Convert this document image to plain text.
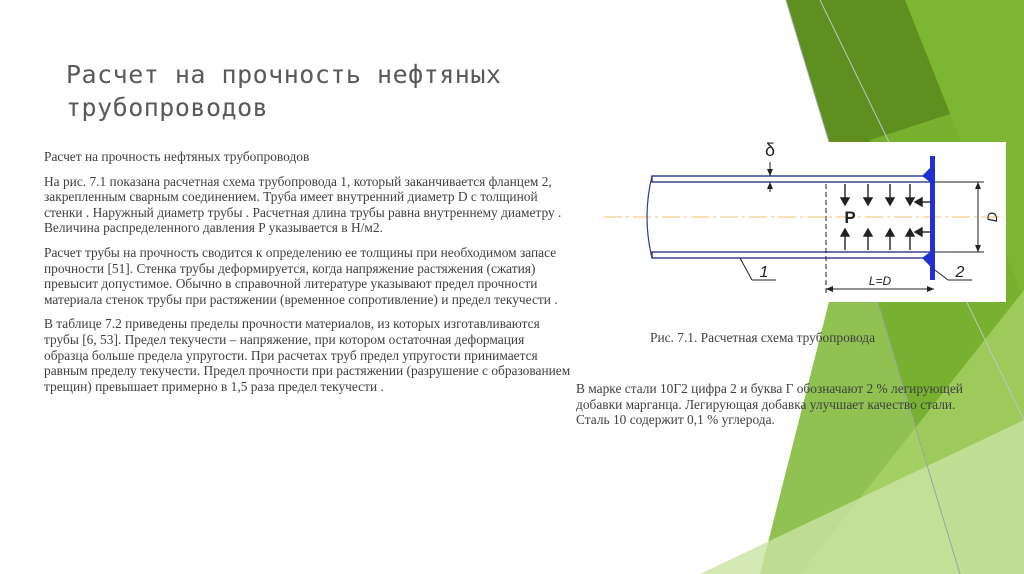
Расчет на прочность нефтяных трубопроводов

Расчет на прочность нефтяных трубопроводов

На рис. 7.1 показана расчетная схема трубопровода 1, который заканчивается фланцем 2, закрепленным сварным соединением. Труба имеет внутренний диаметр D с толщиной стенки . Наружный диаметр трубы . Расчетная длина трубы равна внутреннему диаметру . Величина распределенного давления P указывается в Н/м2.

Расчет трубы на прочность сводится к определению ее толщины при необходимом запасе прочности [51]. Стенка трубы деформируется, когда напряжение растяжения (сжатия) превысит допустимое. Обычно в справочной литературе указывают предел прочности материала стенок трубы при растяжении (временное сопротивление) и предел текучести .

В таблице 7.2 приведены пределы прочности материалов, из которых изготавливаются трубы [6, 53]. Предел текучести – напряжение, при котором остаточная деформация образца больше предела упругости. При расчетах труб предел упругости принимается равным пределу текучести. Предел прочности при растяжении (разрушение с образованием трещин) превышает примерно в 1,5 раза предел текучести .

δ
P	D
1	2
L=D
Рис. 7.1. Расчетная схема трубопровода

В марке стали 10Г2 цифра 2 и буква Г обозначают 2 % легирующей добавки марганца. Легирующая добавка улучшает качество стали. Сталь 10 содержит 0,1 % углерода.
